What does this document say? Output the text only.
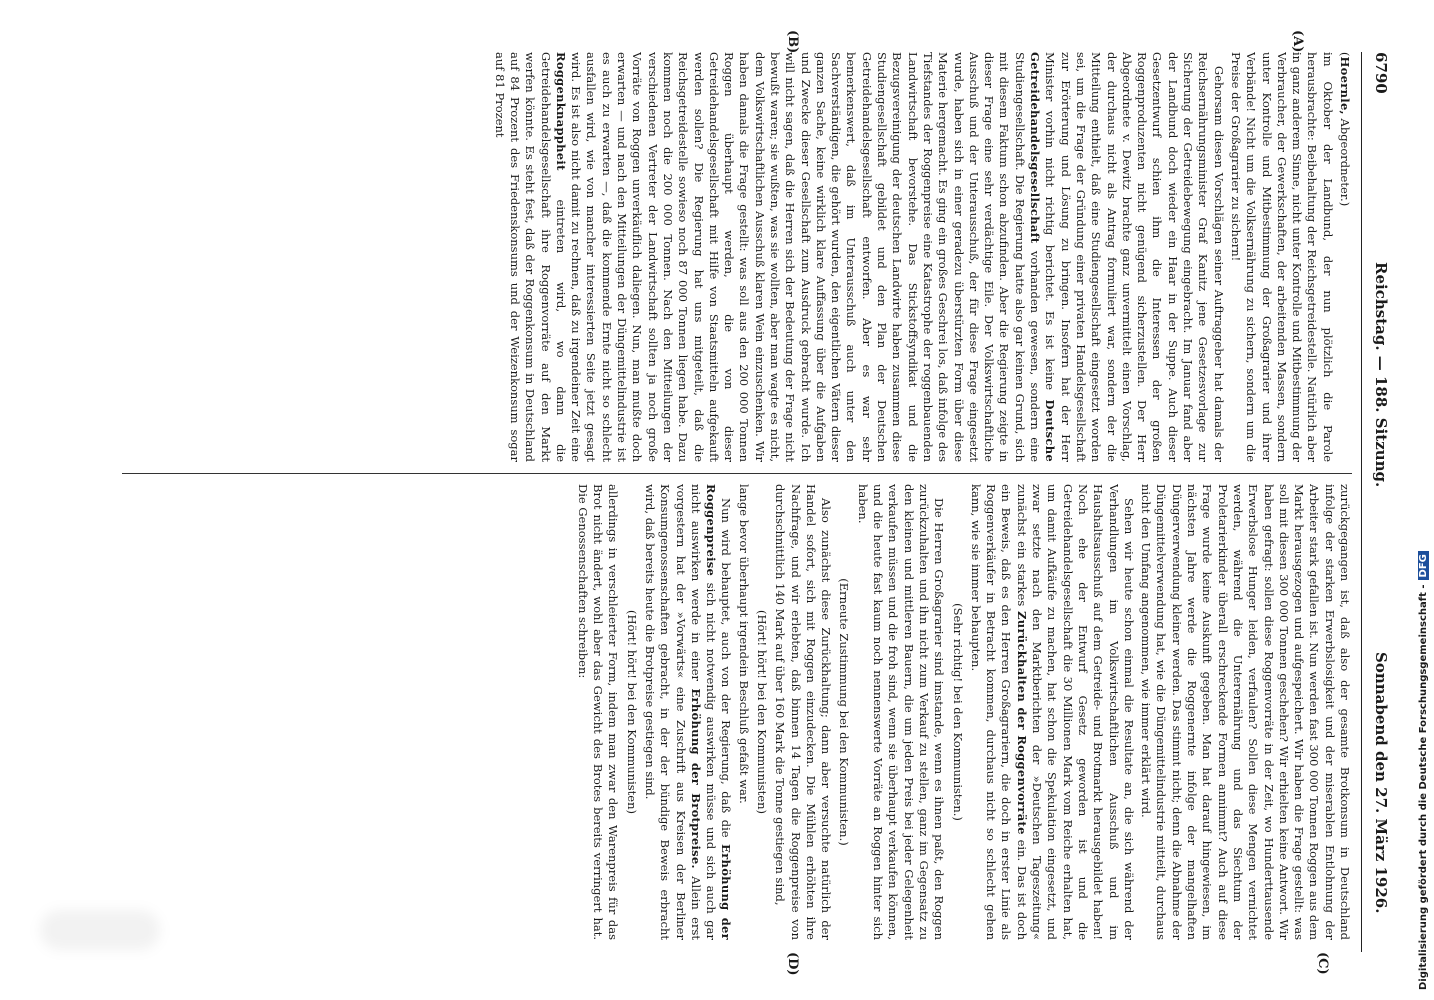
6790
Reichstag. — 188. Sitzung.
Sonnabend den 27. März 1926.
(A)
(B)
(C)
(D)

(Hoernle, Abgeordneter.)

im Oktober der Landbund, der nun plötzlich die Parole herausbrachte: Beibehaltung der Reichsgetreidestelle. Natürlich aber in ganz anderem Sinne, nicht unter Kontrolle und Mitbestimmung der Verbraucher, der Gewerkschaften, der arbeitenden Massen, sondern unter Kontrolle und Mitbestimmung der Großagrarier und ihrer Verbände! Nicht um die Volksernährung zu sichern, sondern um die Preise der Großagrarier zu sichern!

Gehorsam diesen Vorschlägen seiner Auftraggeber hat damals der Reichsernährungsminister Graf Kanitz jene Gesetzesvorlage zur Sicherung der Getreidebewegung eingebracht. Im Januar fand aber der Landbund doch wieder ein Haar in der Suppe. Auch dieser Gesetzentwurf schien ihm die Interessen der großen Roggenproduzenten nicht genügend sicherzustellen. Der Herr Abgeordnete v. Dewitz brachte ganz unvermittelt einen Vorschlag, der durchaus nicht als Antrag formuliert war, sondern der die Mitteilung enthielt, daß eine Studiengesellschaft eingesetzt worden sei, um die Frage der Gründung einer privaten Handelsgesellschaft zur Erörterung und Lösung zu bringen. Insofern hat der Herr Minister vorhin nicht richtig berichtet. Es ist keine Deutsche Getreidehandelsgesellschaft vorhanden gewesen, sondern eine Studiengesellschaft. Die Regierung hatte also gar keinen Grund, sich mit diesem Faktum schon abzufinden. Aber die Regierung zeigte in dieser Frage eine sehr verdächtige Eile. Der Volkswirtschaftliche Ausschuß und der Unterausschuß, der für diese Frage eingesetzt wurde, haben sich in einer geradezu überstürzten Form über diese Materie hergemacht. Es ging ein großes Geschrei los, daß infolge des Tiefstandes der Roggenpreise eine Katastrophe der roggenbauenden Landwirtschaft bevorstehe. Das Stickstoffsyndikat und die Bezugsvereinigung der deutschen Landwirte haben zusammen diese Studiengesellschaft gebildet und den Plan der Deutschen Getreidehandelsgesellschaft entworfen. Aber es war sehr bemerkenswert, daß im Unterausschuß auch unter den Sachverständigen, die gehört wurden, den eigentlichen Vätern dieser ganzen Sache, keine wirklich klare Auffassung über die Aufgaben und Zwecke dieser Gesellschaft zum Ausdruck gebracht wurde. Ich will nicht sagen, daß die Herren sich der Bedeutung der Frage nicht bewußt waren; sie wußten, was sie wollten, aber man wagte es nicht, dem Volkswirtschaftlichen Ausschuß klaren Wein einzuschenken. Wir haben damals die Frage gestellt: was soll aus den 200 000 Tonnen Roggen überhaupt werden, die von dieser Getreidehandelsgesellschaft mit Hilfe von Staatsmitteln aufgekauft werden sollen? Die Regierung hat uns mitgeteilt, daß die Reichsgetreidestelle sowieso noch 87 000 Tonnen liegen habe. Dazu kommen noch die 200 000 Tonnen. Nach den Mitteilungen der verschiedenen Vertreter der Landwirtschaft sollten ja noch große Vorräte von Roggen unverkäuflich daliegen. Nun, man mußte doch erwarten — und nach den Mitteilungen der Düngemittelindustrie ist es auch zu erwarten —, daß die kommende Ernte nicht so schlecht ausfallen wird, wie von mancher interessierten Seite jetzt gesagt wird. Es ist also nicht damit zu rechnen, daß zu irgendeiner Zeit eine Roggenknappheit eintreten wird, wo dann die Getreidehandelsgesellschaft ihre Roggenvorräte auf den Markt werfen könnte. Es steht fest, daß der Roggenkonsum in Deutschland auf 84 Prozent des Friedenskonsums und der Weizenkonsum sogar auf 81 Prozent

zurückgegangen ist, daß also der gesamte Brotkonsum in Deutschland infolge der starken Erwerbslosigkeit und der miserablen Entlohnung der Arbeiter stark gefallen ist. Nun werden fast 300 000 Tonnen Roggen aus dem Markt herausgezogen und aufgespeichert. Wir haben die Frage gestellt: was soll mit diesen 300 000 Tonnen geschehen? Wir erhielten keine Antwort. Wir haben gefragt: sollen diese Roggenvorräte in der Zeit, wo Hunderttausende Erwerbslose Hunger leiden, verfaulen? Sollen diese Mengen vernichtet werden, während die Unterernährung und das Siechtum der Proletarierkinder überall erschreckende Formen annimmt? Auch auf diese Frage wurde keine Auskunft gegeben. Man hat darauf hingewiesen, im nächsten Jahre werde die Roggenernte infolge der mangelhaften Düngerverwendung kleiner werden. Das stimmt nicht; denn die Abnahme der Düngemittelverwendung hat, wie die Düngemittelindustrie mitteilt, durchaus nicht den Umfang angenommen, wie immer erklärt wird.

Sehen wir heute schon einmal die Resultate an, die sich während der Verhandlungen im Volkswirtschaftlichen Ausschuß und im Haushaltsausschuß auf dem Getreide- und Brotmarkt herausgebildet haben! Noch ehe der Entwurf Gesetz geworden ist und die Getreidehandelsgesellschaft die 30 Millionen Mark vom Reiche erhalten hat, um damit Aufkäufe zu machen, hat schon die Spekulation eingesetzt, und zwar setzte nach den Marktberichten der »Deutschen Tageszeitung« zunächst ein starkes Zurückhalten der Roggenvorräte ein. Das ist doch ein Beweis, daß es den Herren Großagrariern, die doch in erster Linie als Roggenverkäufer in Betracht kommen, durchaus nicht so schlecht gehen kann, wie sie immer behaupten.

(Sehr richtig! bei den Kommunisten.)

Die Herren Großagrarier sind imstande, wenn es ihnen paßt, den Roggen zurückzuhalten und ihn nicht zum Verkauf zu stellen, ganz im Gegensatz zu den kleinen und mittleren Bauern, die um jeden Preis bei jeder Gelegenheit verkaufen müssen und die froh sind, wenn sie überhaupt verkaufen können, und die heute fast kaum noch nennenswerte Vorräte an Roggen hinter sich haben.

(Erneute Zustimmung bei den Kommunisten.)

Also zunächst diese Zurückhaltung; dann aber versuchte natürlich der Handel sofort, sich mit Roggen einzudecken. Die Mühlen erhöhten ihre Nachfrage, und wir erlebten, daß binnen 14 Tagen die Roggenpreise von durchschnittlich 140 Mark auf über 160 Mark die Tonne gestiegen sind,

(Hört! hört! bei den Kommunisten)

lange bevor überhaupt irgendein Beschluß gefaßt war.

Nun wird behauptet, auch von der Regierung, daß die Erhöhung der Roggenpreise sich nicht notwendig auswirken müsse und sich auch gar nicht auswirken werde in einer Erhöhung der Brotpreise. Allein erst vorgestern hat der »Vorwärts« eine Zuschrift aus Kreisen der Berliner Konsumgenossenschaften gebracht, in der der bündige Beweis erbracht wird, daß bereits heute die Brotpreise gestiegen sind.

(Hört! hört! bei den Kommunisten)

allerdings in verschleierter Form, indem man zwar den Warenpreis für das Brot nicht ändert, wohl aber das Gewicht des Brotes bereits verringert hat. Die Genossenschaften schreiben:

Digitalisierung gefördert durch die Deutsche Forschungsgemeinschaft -DFG
